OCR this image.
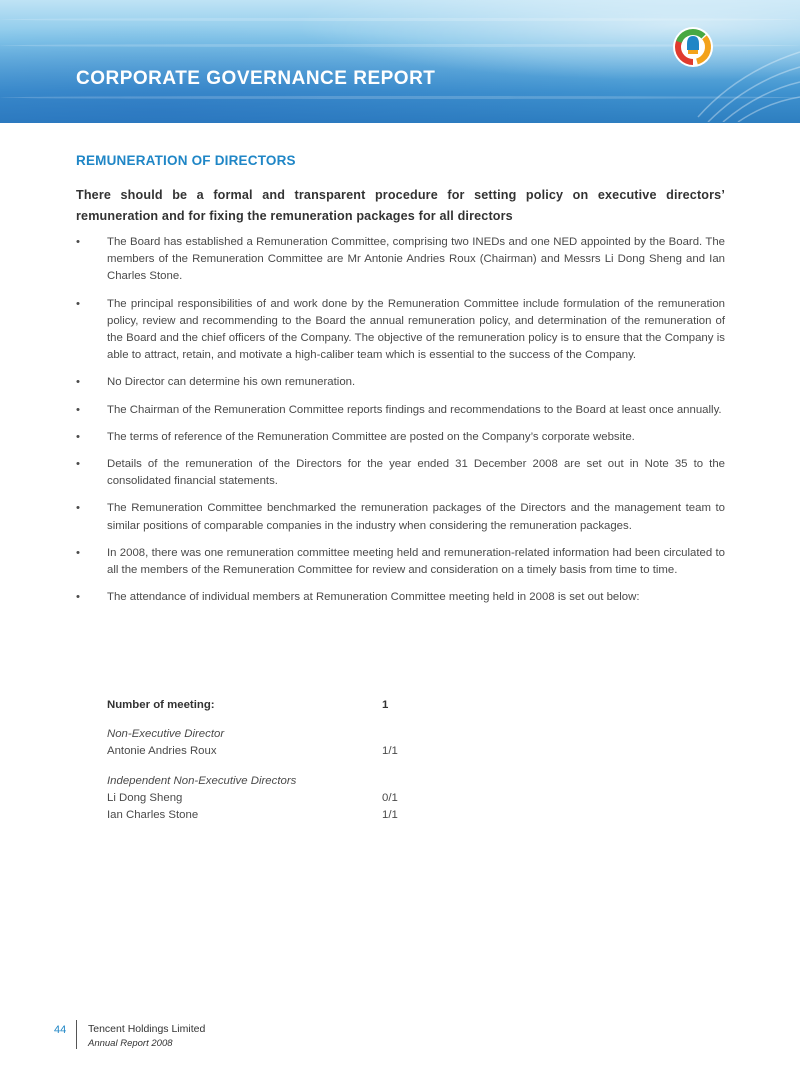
CORPORATE GOVERNANCE REPORT
REMUNERATION OF DIRECTORS
There should be a formal and transparent procedure for setting policy on executive directors’ remuneration and for fixing the remuneration packages for all directors
• The Board has established a Remuneration Committee, comprising two INEDs and one NED appointed by the Board. The members of the Remuneration Committee are Mr Antonie Andries Roux (Chairman) and Messrs Li Dong Sheng and Ian Charles Stone.
• The principal responsibilities of and work done by the Remuneration Committee include formulation of the remuneration policy, review and recommending to the Board the annual remuneration policy, and determination of the remuneration of the Board and the chief officers of the Company. The objective of the remuneration policy is to ensure that the Company is able to attract, retain, and motivate a high-caliber team which is essential to the success of the Company.
• No Director can determine his own remuneration.
• The Chairman of the Remuneration Committee reports findings and recommendations to the Board at least once annually.
• The terms of reference of the Remuneration Committee are posted on the Company’s corporate website.
• Details of the remuneration of the Directors for the year ended 31 December 2008 are set out in Note 35 to the consolidated financial statements.
• The Remuneration Committee benchmarked the remuneration packages of the Directors and the management team to similar positions of comparable companies in the industry when considering the remuneration packages.
• In 2008, there was one remuneration committee meeting held and remuneration-related information had been circulated to all the members of the Remuneration Committee for review and consideration on a timely basis from time to time.
• The attendance of individual members at Remuneration Committee meeting held in 2008 is set out below:
Number of meeting:	1
Non-Executive Director
Antonie Andries Roux	1/1
Independent Non-Executive Directors
Li Dong Sheng	0/1
Ian Charles Stone	1/1
44 Tencent Holdings Limited
Annual Report 2008
